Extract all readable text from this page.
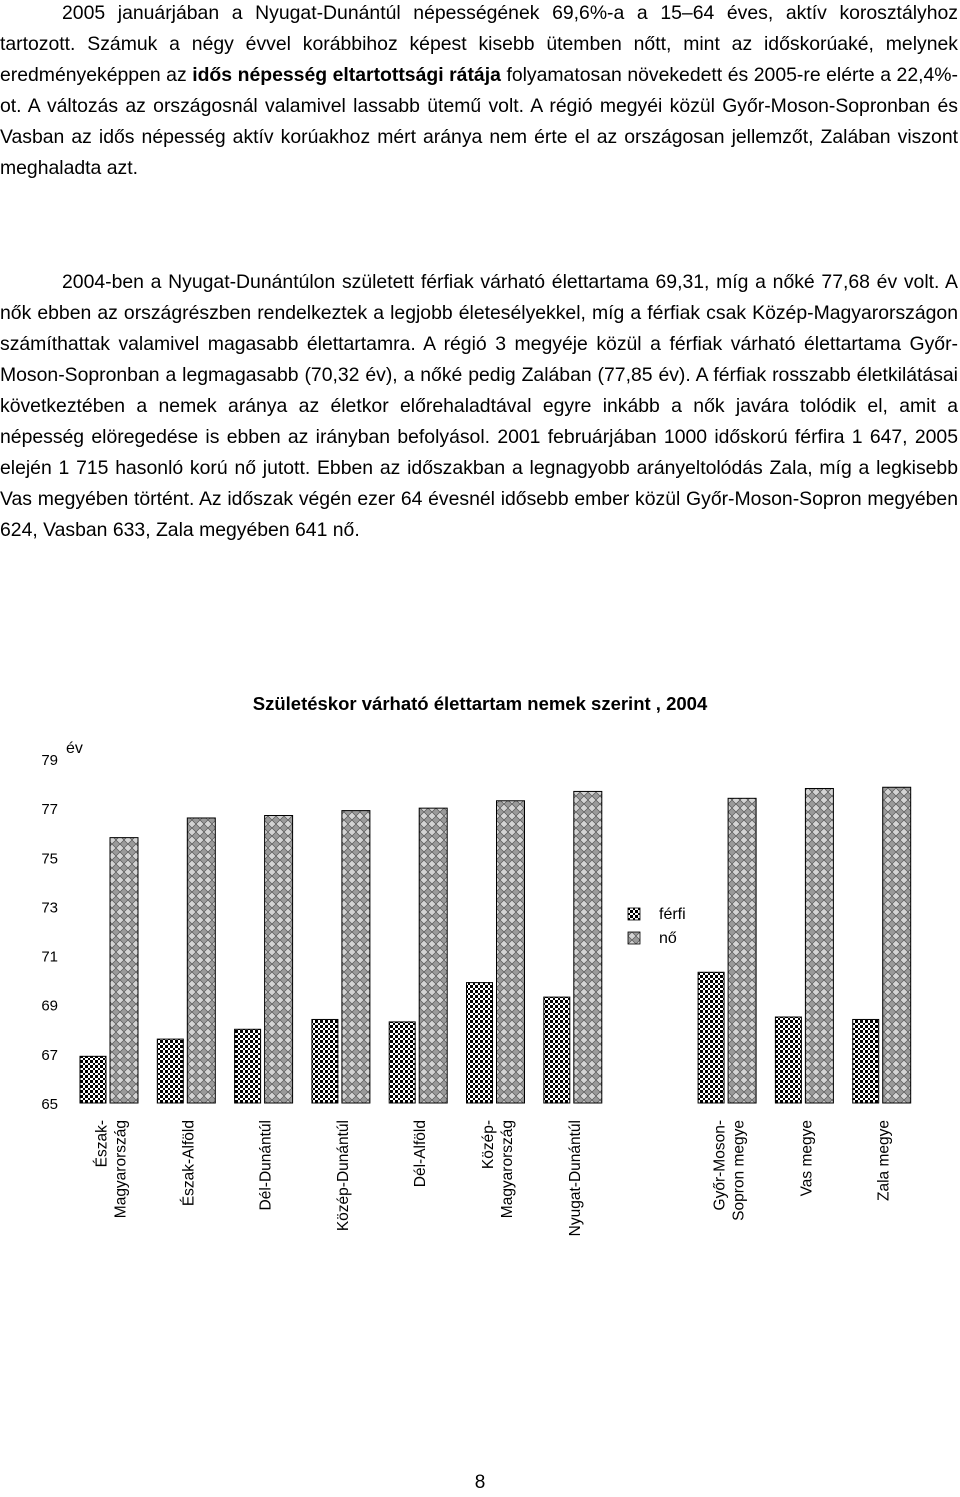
2005 januárjában a Nyugat-Dunántúl népességének 69,6%-a a 15–64 éves, aktív korosztályhoz tartozott. Számuk a négy évvel korábbihoz képest kisebb ütemben nőtt, mint az időskorúaké, melynek eredményeképpen az idős népesség eltartottsági rátája folyamatosan növekedett és 2005-re elérte a 22,4%-ot. A változás az országosnál valamivel lassabb ütemű volt. A régió megyéi közül Győr-Moson-Sopronban és Vasban az idős népesség aktív korúakhoz mért aránya nem érte el az országosan jellemzőt, Zalában viszont meghaladta azt.

2004-ben a Nyugat-Dunántúlon született férfiak várható élettartama 69,31, míg a nőké 77,68 év volt. A nők ebben az országrészben rendelkeztek a legjobb életesélyekkel, míg a férfiak csak Közép-Magyarországon számíthattak valamivel magasabb élettartamra. A régió 3 megyéje közül a férfiak várható élettartama Győr-Moson-Sopronban a legmagasabb (70,32 év), a nőké pedig Zalában (77,85 év). A férfiak rosszabb életkilátásai következtében a nemek aránya az életkor előrehaladtával egyre inkább a nők javára tolódik el, amit a népesség elöregedése is ebben az irányban befolyásol. 2001 februárjában 1000 időskorú férfira 1 647, 2005 elején 1 715 hasonló korú nő jutott. Ebben az időszakban a legnagyobb arányeltolódás Zala, míg a legkisebb Vas megyében történt. Az időszak végén ezer 64 évesnél idősebb ember közül Győr-Moson-Sopron megyében 624, Vasban 633, Zala megyében 641 nő.

65
67
69
71
73
75
77
79
Észak- Magyarország	Észak-Alföld	Dél-Dunántúl	Közép-Dunántúl	Dél-Alföld	Közép- Magyarország	Nyugat-Dunántúl	Győr-Moson- Sopron megye	Vas megye	Zala megye
férfi
nő
Születéskor várható élettartam nemek szerint , 2004
év
8
